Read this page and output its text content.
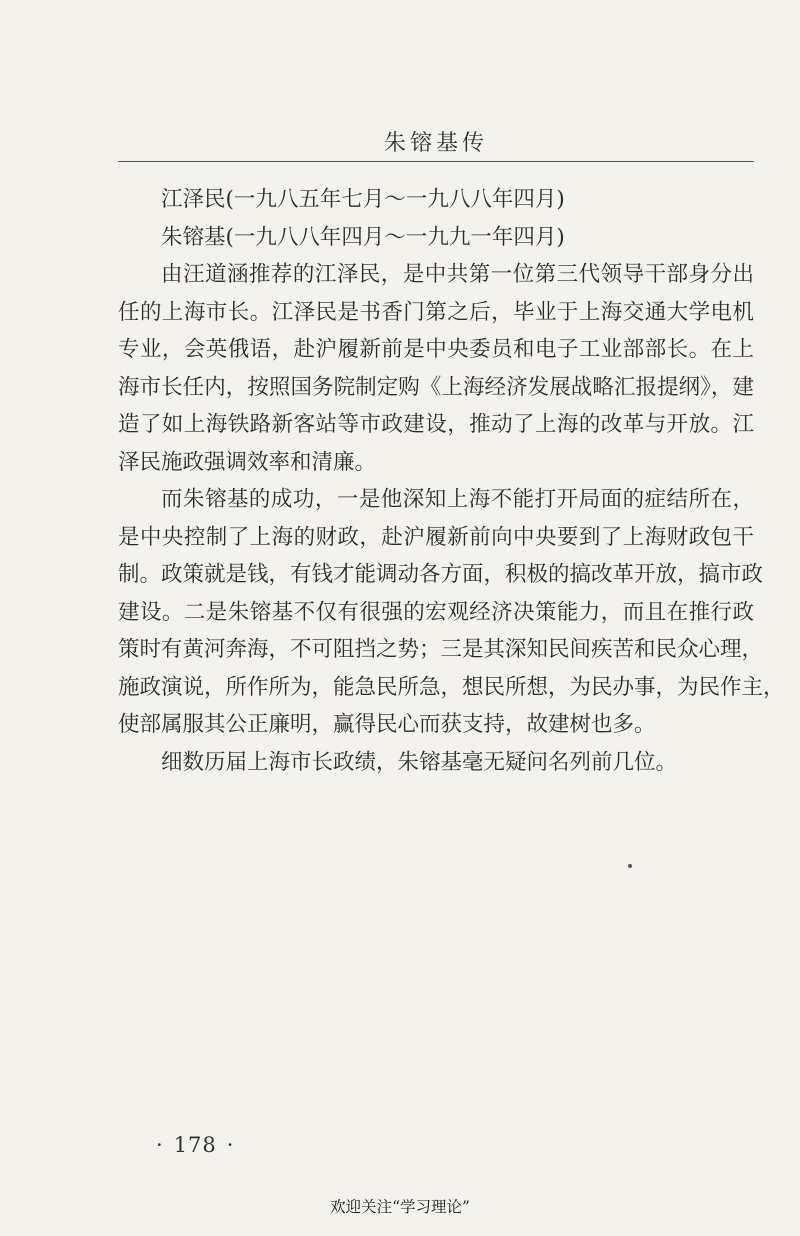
朱镕基传

江泽民(一九八五年七月～一九八八年四月)

朱镕基(一九八八年四月～一九九一年四月)

由汪道涵推荐的江泽民，是中共第一位第三代领导干部身分出

任的上海市长。江泽民是书香门第之后，毕业于上海交通大学电机

专业，会英俄语，赴沪履新前是中央委员和电子工业部部长。在上

海市长任内，按照国务院制定购《上海经济发展战略汇报提纲》，建

造了如上海铁路新客站等市政建设，推动了上海的改革与开放。江

泽民施政强调效率和清廉。

而朱镕基的成功，一是他深知上海不能打开局面的症结所在，

是中央控制了上海的财政，赴沪履新前向中央要到了上海财政包干

制。政策就是钱，有钱才能调动各方面，积极的搞改革开放，搞市政

建设。二是朱镕基不仅有很强的宏观经济决策能力，而且在推行政

策时有黄河奔海，不可阻挡之势；三是其深知民间疾苦和民众心理，

施政演说，所作所为，能急民所急，想民所想，为民办事，为民作主，

使部属服其公正廉明，赢得民心而获支持，故建树也多。

细数历届上海市长政绩，朱镕基毫无疑问名列前几位。

· 178 ·
欢迎关注“学习理论”
